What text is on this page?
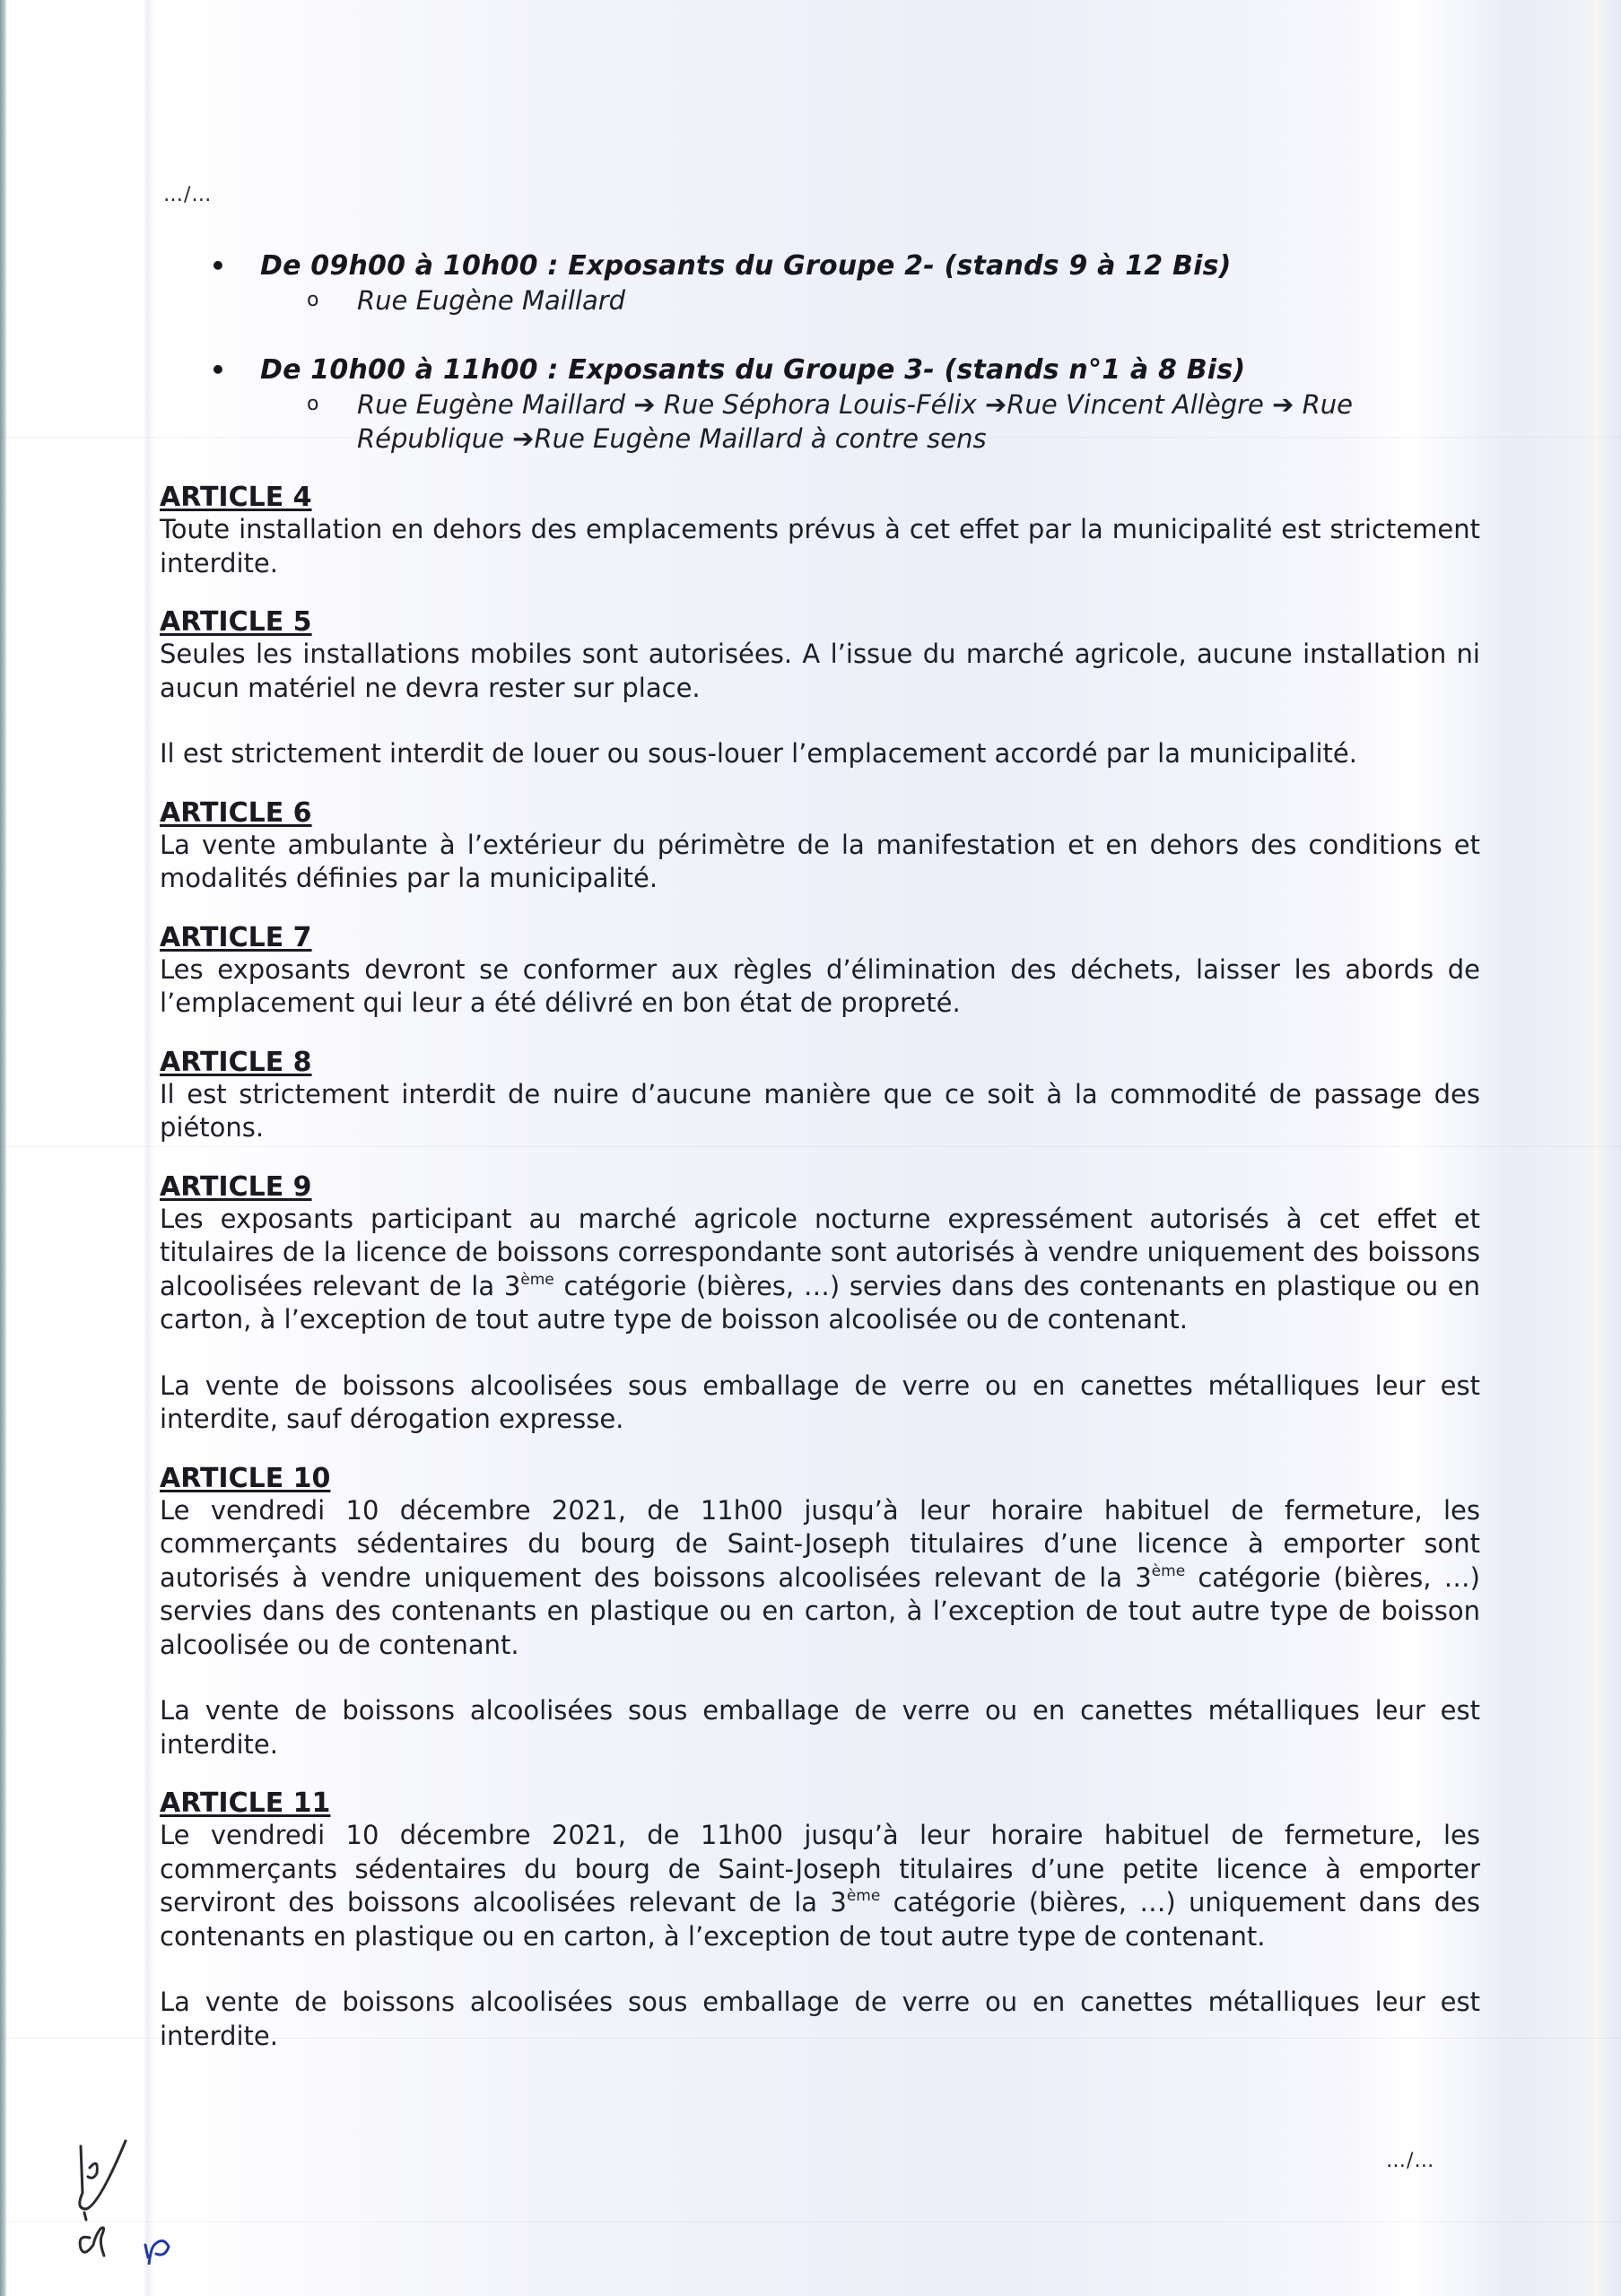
…/…
• De 09h00 à 10h00 : Exposants du Groupe 2- (stands 9 à 12 Bis)
o Rue Eugène Maillard
• De 10h00 à 11h00 : Exposants du Groupe 3- (stands n°1 à 8 Bis)
o Rue Eugène Maillard ➔ Rue Séphora Louis-Félix ➔Rue Vincent Allègre ➔ Rue République ➔Rue Eugène Maillard à contre sens
ARTICLE 4

Toute installation en dehors des emplacements prévus à cet effet par la municipalité est strictement interdite.

ARTICLE 5

Seules les installations mobiles sont autorisées. A l’issue du marché agricole, aucune installation ni aucun matériel ne devra rester sur place.

Il est strictement interdit de louer ou sous-louer l’emplacement accordé par la municipalité.

ARTICLE 6

La vente ambulante à l’extérieur du périmètre de la manifestation et en dehors des conditions et modalités définies par la municipalité.

ARTICLE 7

Les exposants devront se conformer aux règles d’élimination des déchets, laisser les abords de l’emplacement qui leur a été délivré en bon état de propreté.

ARTICLE 8

Il est strictement interdit de nuire d’aucune manière que ce soit à la commodité de passage des piétons.

ARTICLE 9

Les exposants participant au marché agricole nocturne expressément autorisés à cet effet et titulaires de la licence de boissons correspondante sont autorisés à vendre uniquement des boissons alcoolisées relevant de la 3ème catégorie (bières, …) servies dans des contenants en plastique ou en carton, à l’exception de tout autre type de boisson alcoolisée ou de contenant.

La vente de boissons alcoolisées sous emballage de verre ou en canettes métalliques leur est interdite, sauf dérogation expresse.

ARTICLE 10

Le vendredi 10 décembre 2021, de 11h00 jusqu’à leur horaire habituel de fermeture, les commerçants sédentaires du bourg de Saint-Joseph titulaires d’une licence à emporter sont autorisés à vendre uniquement des boissons alcoolisées relevant de la 3ème catégorie (bières, …) servies dans des contenants en plastique ou en carton, à l’exception de tout autre type de boisson alcoolisée ou de contenant.

La vente de boissons alcoolisées sous emballage de verre ou en canettes métalliques leur est interdite.

ARTICLE 11

Le vendredi 10 décembre 2021, de 11h00 jusqu’à leur horaire habituel de fermeture, les commerçants sédentaires du bourg de Saint-Joseph titulaires d’une petite licence à emporter serviront des boissons alcoolisées relevant de la 3ème catégorie (bières, …) uniquement dans des contenants en plastique ou en carton, à l’exception de tout autre type de contenant.

La vente de boissons alcoolisées sous emballage de verre ou en canettes métalliques leur est interdite.

…/…
